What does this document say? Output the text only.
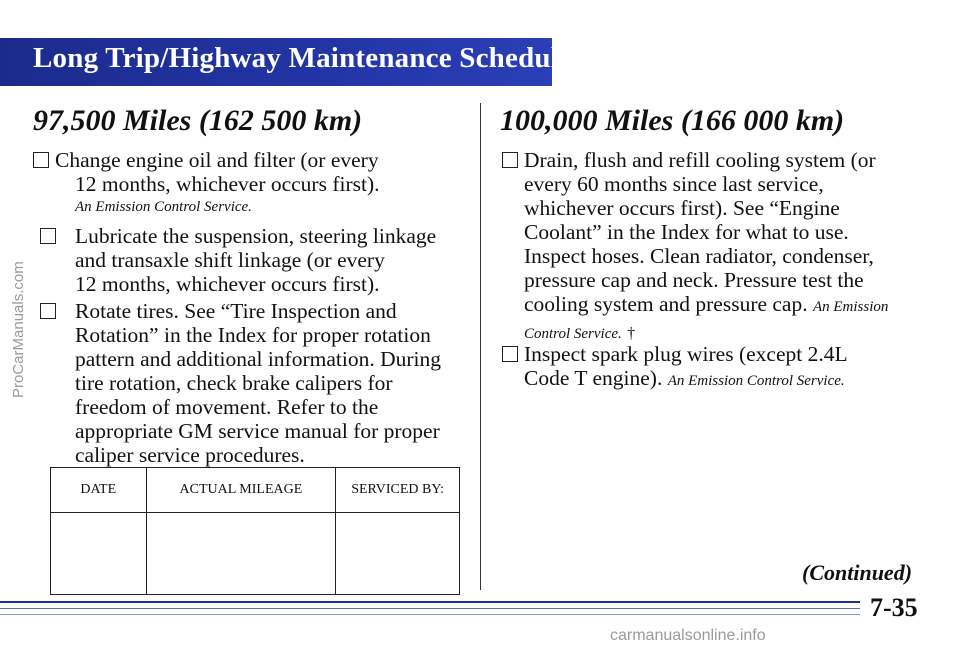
Long Trip/Highway Maintenance Schedule
97,500 Miles (162 500 km)
Change engine oil and filter (or every
12 months, whichever occurs first).
An Emission Control Service.
Lubricate the suspension, steering linkage
and transaxle shift linkage (or every
12 months, whichever occurs first).
Rotate tires. See “Tire Inspection and
Rotation” in the Index for proper rotation
pattern and additional information. During
tire rotation, check brake calipers for
freedom of movement. Refer to the
appropriate GM service manual for proper
caliper service procedures.
DATE	ACTUAL MILEAGE	SERVICED BY:

100,000 Miles (166 000 km)
Drain, flush and refill cooling system (or
every 60 months since last service,
whichever occurs first). See “Engine
Coolant” in the Index for what to use.
Inspect hoses. Clean radiator, condenser,
pressure cap and neck. Pressure test the
cooling system and pressure cap. An Emission
Control Service. †
Inspect spark plug wires (except 2.4L
Code T engine). An Emission Control Service.
(Continued)
7-35
ProCarManuals.com
carmanualsonline.info
